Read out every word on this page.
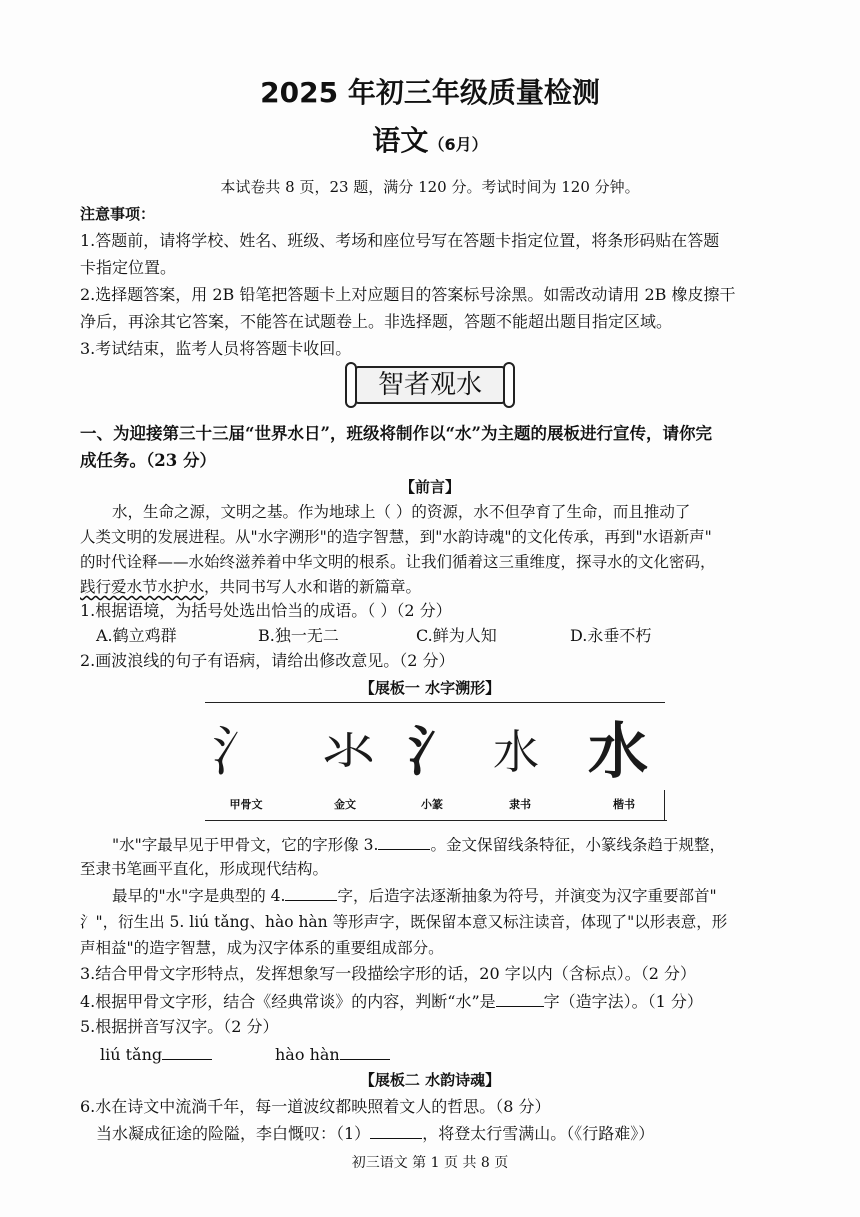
2025 年初三年级质量检测
语文（6月）
本试卷共 8 页，23 题，满分 120 分。考试时间为 120 分钟。
注意事项：
1.答题前，请将学校、姓名、班级、考场和座位号写在答题卡指定位置，将条形码贴在答题
卡指定位置。
2.选择题答案，用 2B 铅笔把答题卡上对应题目的答案标号涂黑。如需改动请用 2B 橡皮擦干
净后，再涂其它答案，不能答在试题卷上。非选择题，答题不能超出题目指定区域。
3.考试结束，监考人员将答题卡收回。
智者观水
一、为迎接第三十三届“世界水日”，班级将制作以“水”为主题的展板进行宣传，请你完
成任务。（23 分）
【前言】
水，生命之源，文明之基。作为地球上（ ）的资源，水不但孕育了生命，而且推动了
人类文明的发展进程。从"水字溯形"的造字智慧，到"水韵诗魂"的文化传承，再到"水语新声"
的时代诠释——水始终滋养着中华文明的根系。让我们循着这三重维度，探寻水的文化密码，
践行爱水节水护水，共同书写人水和谐的新篇章。
1.根据语境，为括号处选出恰当的成语。（ ）（2 分）
A.鹤立鸡群	B.独一无二	C.鲜为人知	D.永垂不朽
2.画波浪线的句子有语病，请给出修改意见。（2 分）
【展板一 水字溯形】
氵 氺 氵 水 水
甲骨文	金文	小篆	隶书	楷书
"水"字最早见于甲骨文，它的字形像 3.	。金文保留线条特征，小篆线条趋于规整，
至隶书笔画平直化，形成现代结构。
最早的"水"字是典型的 4.	字，后造字法逐渐抽象为符号，并演变为汉字重要部首"
氵"，衍生出 5. liú tǎng、hào hàn 等形声字，既保留本意又标注读音，体现了"以形表意，形
声相益"的造字智慧，成为汉字体系的重要组成部分。
3.结合甲骨文字形特点，发挥想象写一段描绘字形的话，20 字以内（含标点）。（2 分）
4.根据甲骨文字形，结合《经典常谈》的内容，判断“水”是	字（造字法）。（1 分）
5.根据拼音写汉字。（2 分）
liú tǎng	hào hàn
【展板二 水韵诗魂】
6.水在诗文中流淌千年，每一道波纹都映照着文人的哲思。（8 分）
当水凝成征途的险隘，李白慨叹：（1）	，将登太行雪满山。（《行路难》）
初三语文 第 1 页 共 8 页
